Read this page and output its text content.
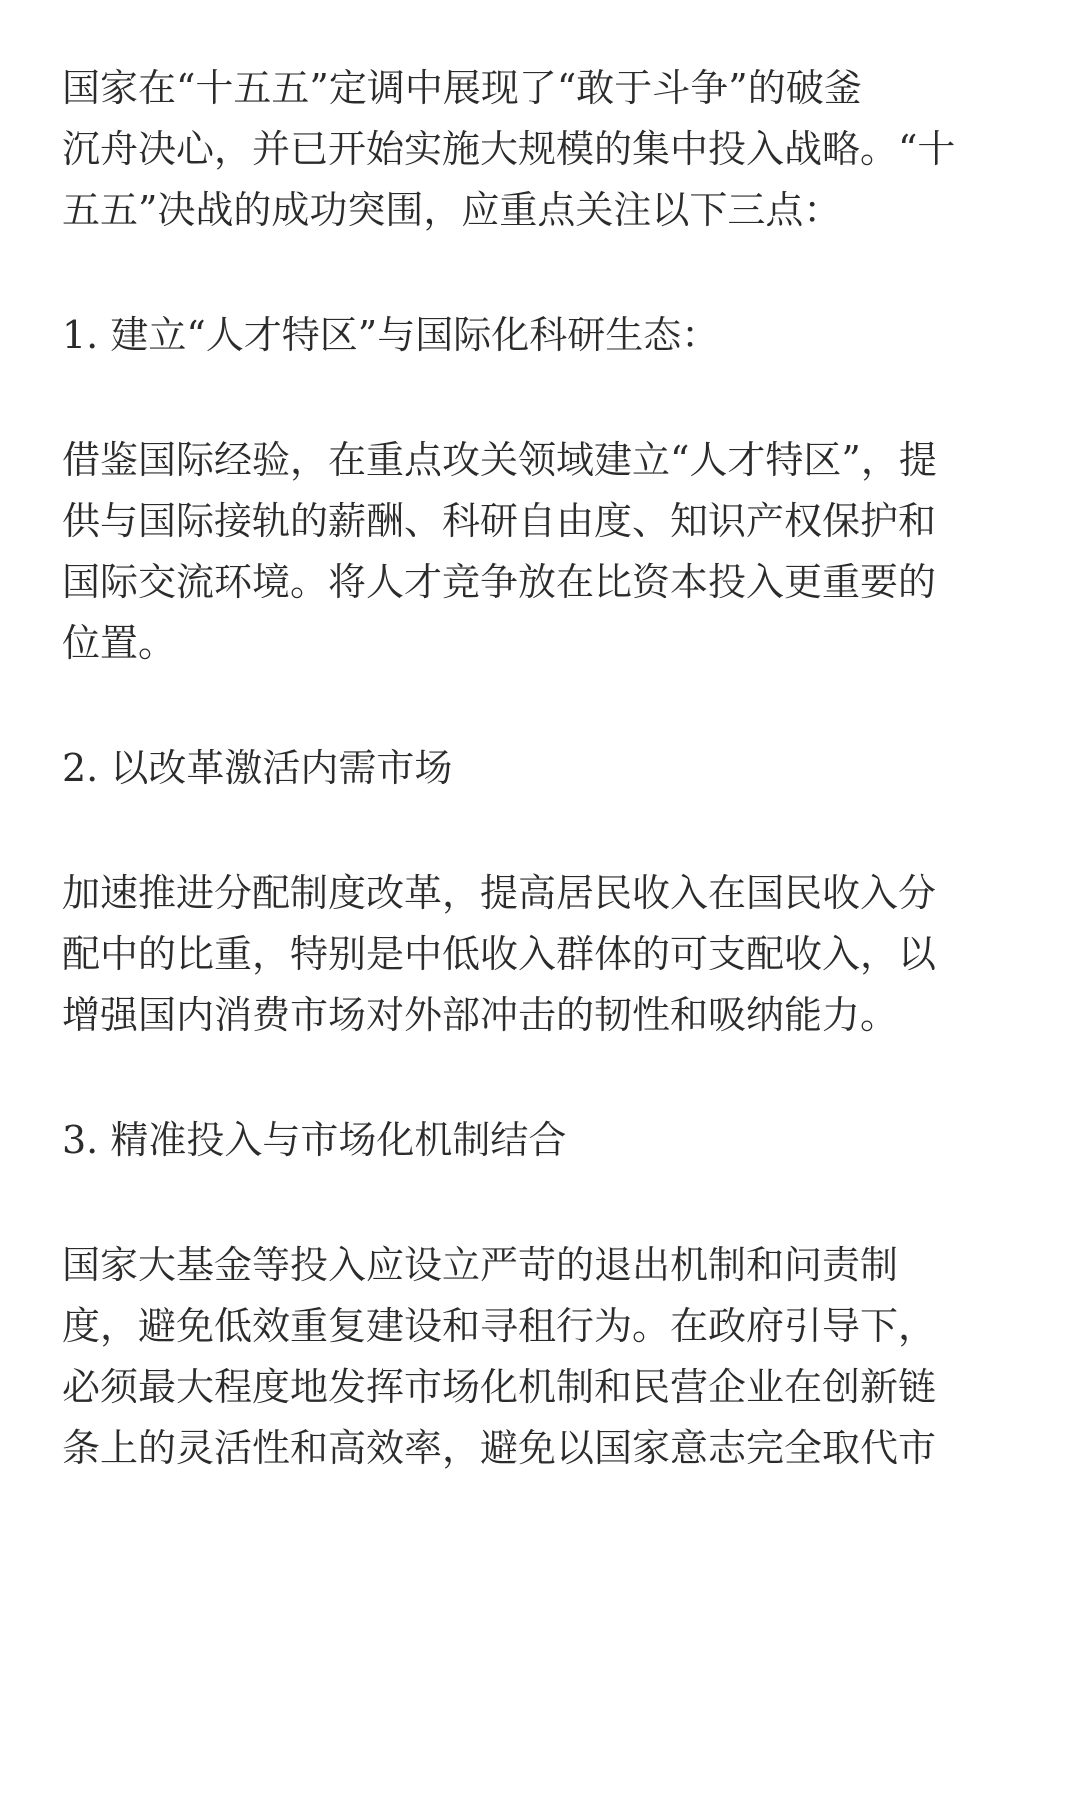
国家在“十五五”定调中展现了“敢于斗争”的破釜
沉舟决心，并已开始实施大规模的集中投入战略。“十
五五”决战的成功突围，应重点关注以下三点：

1. 建立“人才特区”与国际化科研生态：

借鉴国际经验，在重点攻关领域建立“人才特区”，提
供与国际接轨的薪酬、科研自由度、知识产权保护和
国际交流环境。将人才竞争放在比资本投入更重要的
位置。

2. 以改革激活内需市场

加速推进分配制度改革，提高居民收入在国民收入分
配中的比重，特别是中低收入群体的可支配收入，以
增强国内消费市场对外部冲击的韧性和吸纳能力。

3. 精准投入与市场化机制结合

国家大基金等投入应设立严苛的退出机制和问责制
度，避免低效重复建设和寻租行为。在政府引导下，
必须最大程度地发挥市场化机制和民营企业在创新链
条上的灵活性和高效率，避免以国家意志完全取代市
